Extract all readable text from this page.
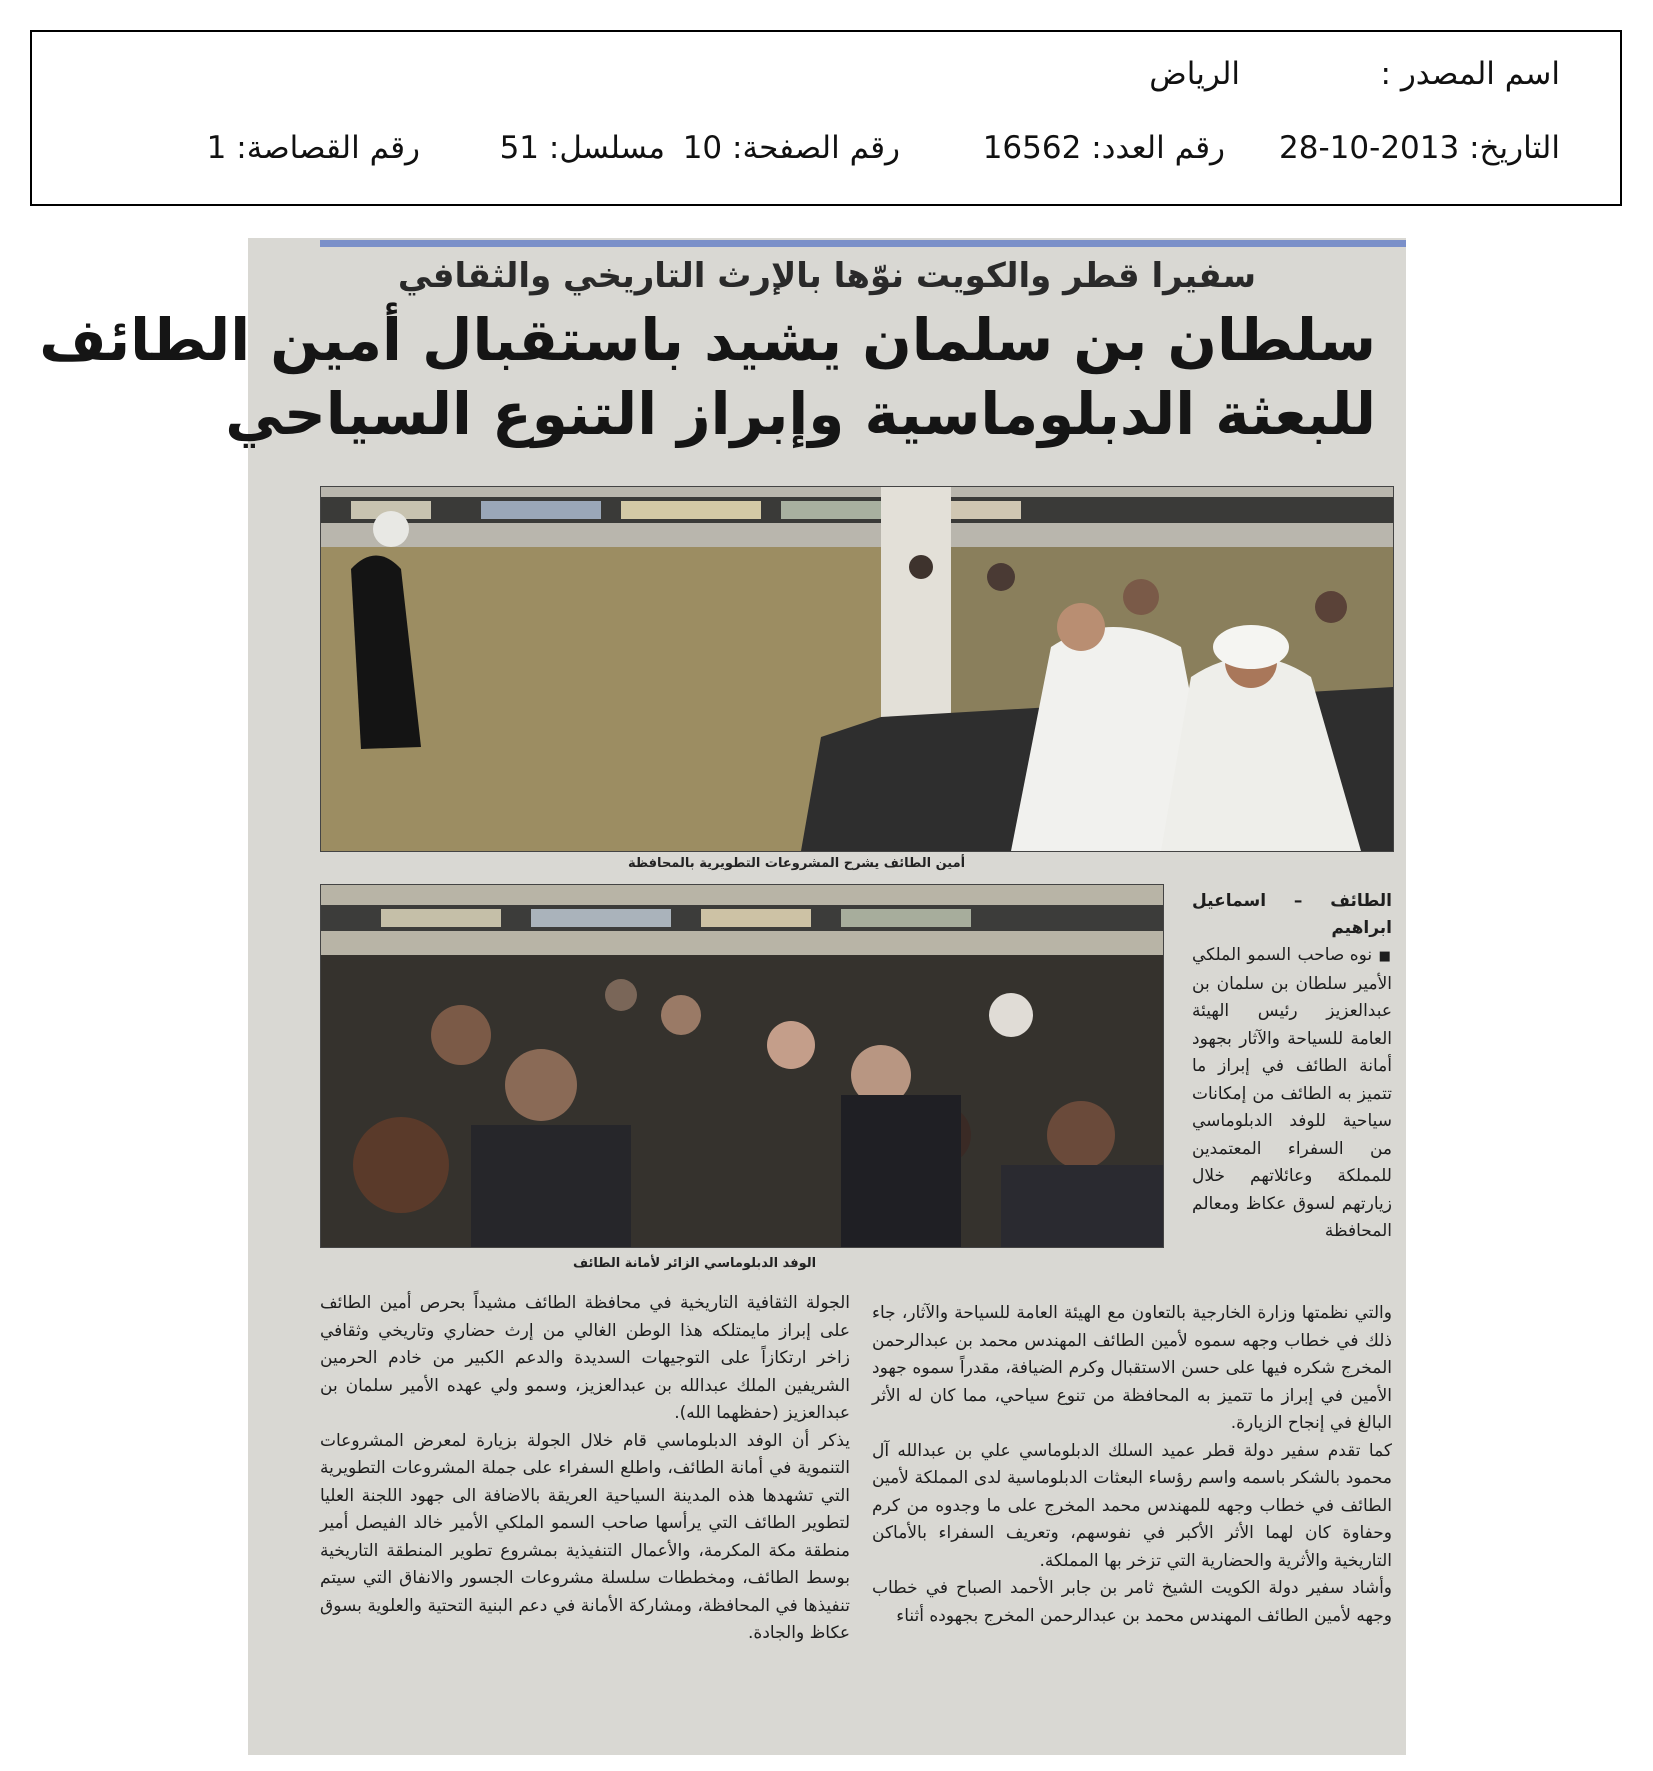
اسم المصدر :
الرياض
التاريخ: 2013-10-28
رقم العدد: 16562
رقم الصفحة: 10
مسلسل: 51
رقم القصاصة: 1
سفيرا قطر والكويت نوّها بالإرث التاريخي والثقافي
سلطان بن سلمان يشيد باستقبال أمين الطائف
للبعثة الدبلوماسية وإبراز التنوع السياحي
أمين الطائف يشرح المشروعات التطويرية بالمحافظة
الوفد الدبلوماسي الزائر لأمانة الطائف

الطائف – اسماعيل ابراهيم

■ نوه صاحب السمو الملكي الأمير سلطان بن سلمان بن عبدالعزيز رئيس الهيئة العامة للسياحة والآثار بجهود أمانة الطائف في إبراز ما تتميز به الطائف من إمكانات سياحية للوفد الدبلوماسي من السفراء المعتمدين للمملكة وعائلاتهم خلال زيارتهم لسوق عكاظ ومعالم المحافظة

والتي نظمتها وزارة الخارجية بالتعاون مع الهيئة العامة للسياحة والآثار، جاء ذلك في خطاب وجهه سموه لأمين الطائف المهندس محمد بن عبدالرحمن المخرج شكره فيها على حسن الاستقبال وكرم الضيافة، مقدراً سموه جهود الأمين في إبراز ما تتميز به المحافظة من تنوع سياحي، مما كان له الأثر البالغ في إنجاح الزيارة.

كما تقدم سفير دولة قطر عميد السلك الدبلوماسي علي بن عبدالله آل محمود بالشكر باسمه واسم رؤساء البعثات الدبلوماسية لدى المملكة لأمين الطائف في خطاب وجهه للمهندس محمد المخرج على ما وجدوه من كرم وحفاوة كان لهما الأثر الأكبر في نفوسهم، وتعريف السفراء بالأماكن التاريخية والأثرية والحضارية التي تزخر بها المملكة.

وأشاد سفير دولة الكويت الشيخ ثامر بن جابر الأحمد الصباح في خطاب وجهه لأمين الطائف المهندس محمد بن عبدالرحمن المخرج بجهوده أثناء

الجولة الثقافية التاريخية في محافظة الطائف مشيداً بحرص أمين الطائف على إبراز مايمتلكه هذا الوطن الغالي من إرث حضاري وتاريخي وثقافي زاخر ارتكازاً على التوجيهات السديدة والدعم الكبير من خادم الحرمين الشريفين الملك عبدالله بن عبدالعزيز، وسمو ولي عهده الأمير سلمان بن عبدالعزيز (حفظهما الله).

يذكر أن الوفد الدبلوماسي قام خلال الجولة بزيارة لمعرض المشروعات التنموية في أمانة الطائف، واطلع السفراء على جملة المشروعات التطويرية التي تشهدها هذه المدينة السياحية العريقة بالاضافة الى جهود اللجنة العليا لتطوير الطائف التي يرأسها صاحب السمو الملكي الأمير خالد الفيصل أمير منطقة مكة المكرمة، والأعمال التنفيذية بمشروع تطوير المنطقة التاريخية بوسط الطائف، ومخططات سلسلة مشروعات الجسور والانفاق التي سيتم تنفيذها في المحافظة، ومشاركة الأمانة في دعم البنية التحتية والعلوية بسوق عكاظ والجادة.
